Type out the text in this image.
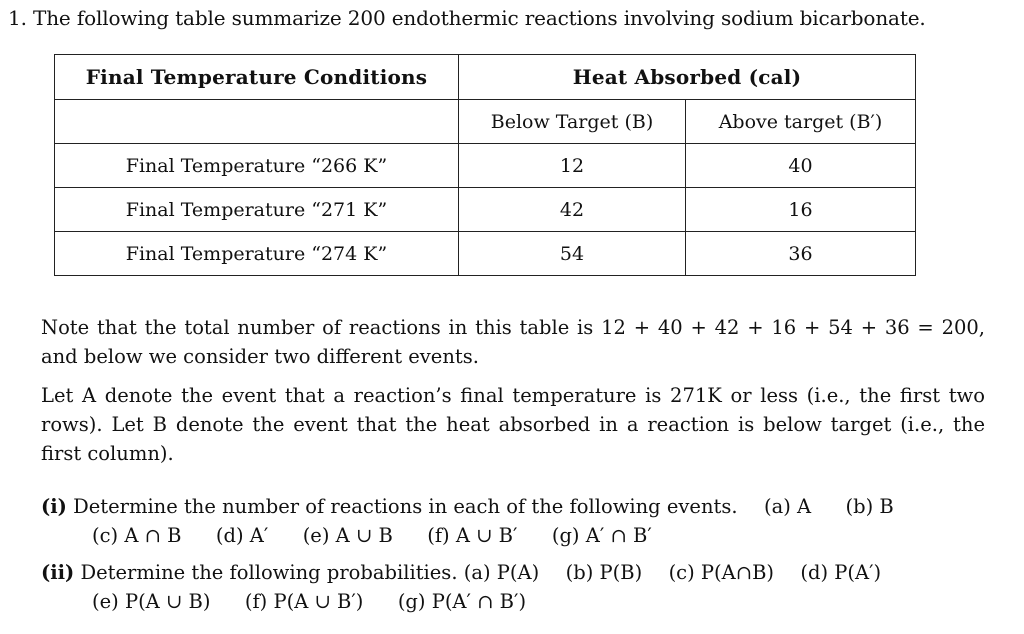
1. The following table summarize 200 endothermic reactions involving sodium bicarbonate.
Final Temperature Conditions	Heat Absorbed (cal)	
	Below Target (B)	Above target (B′)
Final Temperature “266 K”	12	40
Final Temperature “271 K”	42	16
Final Temperature “274 K”	54	36
Note that the total number of reactions in this table is 12 + 40 + 42 + 16 + 54 + 36 = 200, and below we consider two different events.
Let A denote the event that a reaction’s final temperature is 271K or less (i.e., the first two rows). Let B denote the event that the heat absorbed in a reaction is below target (i.e., the first column).
(i) Determine the number of reactions in each of the following events. (a) A (b) B
(c) A ∩ B (d) A′ (e) A ∪ B (f) A ∪ B′ (g) A′ ∩ B′
(ii) Determine the following probabilities. (a) P(A) (b) P(B) (c) P(A∩B) (d) P(A′)
(e) P(A ∪ B) (f) P(A ∪ B′) (g) P(A′ ∩ B′)
